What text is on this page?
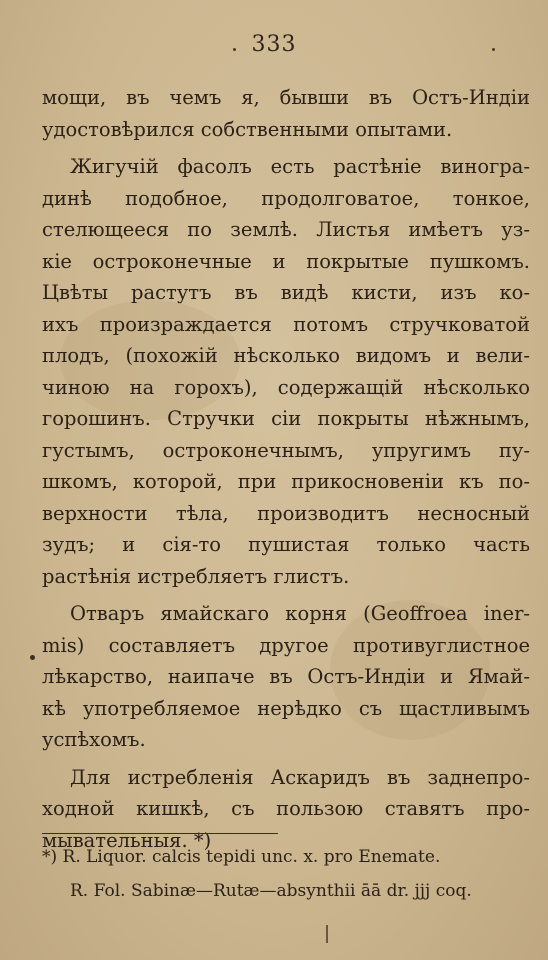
333
мощи, въ чемъ я, бывши въ Остъ-Индіи
удостовѣрился собственными опытами.
Жигучій фасолъ есть растѣніе виногра-
динѣ подобное, продолговатое, тонкое,
стелющееся по землѣ. Листья имѣетъ уз-
кіе остроконечные и покрытые пушкомъ.
Цвѣты растутъ въ видѣ кисти, изъ ко-
ихъ произраждается потомъ стручковатой
плодъ, (похожій нѣсколько видомъ и вели-
чиною на горохъ), содержащій нѣсколько
горошинъ. Стручки сіи покрыты нѣжнымъ,
густымъ, остроконечнымъ, упругимъ пу-
шкомъ, которой, при прикосновеніи къ по-
верхности тѣла, производитъ несносный
зудъ; и сія-то пушистая только часть
растѣнія истребляетъ глистъ.
Отваръ ямайскаго корня (Geoffroea iner-
mis) составляетъ другое противуглистное
лѣкарство, наипаче въ Остъ-Индіи и Ямай-
кѣ употребляемое нерѣдко съ щастливымъ
успѣхомъ.
Для истребленія Аскаридъ въ заднепро-
ходной кишкѣ, съ пользою ставятъ про-
мывательныя. *)
*) R. Liquor. calcis tepidi unc. x. pro Enemate.
R. Fol. Sabinæ—Rutæ—absynthii āā dr. jjj coq.
